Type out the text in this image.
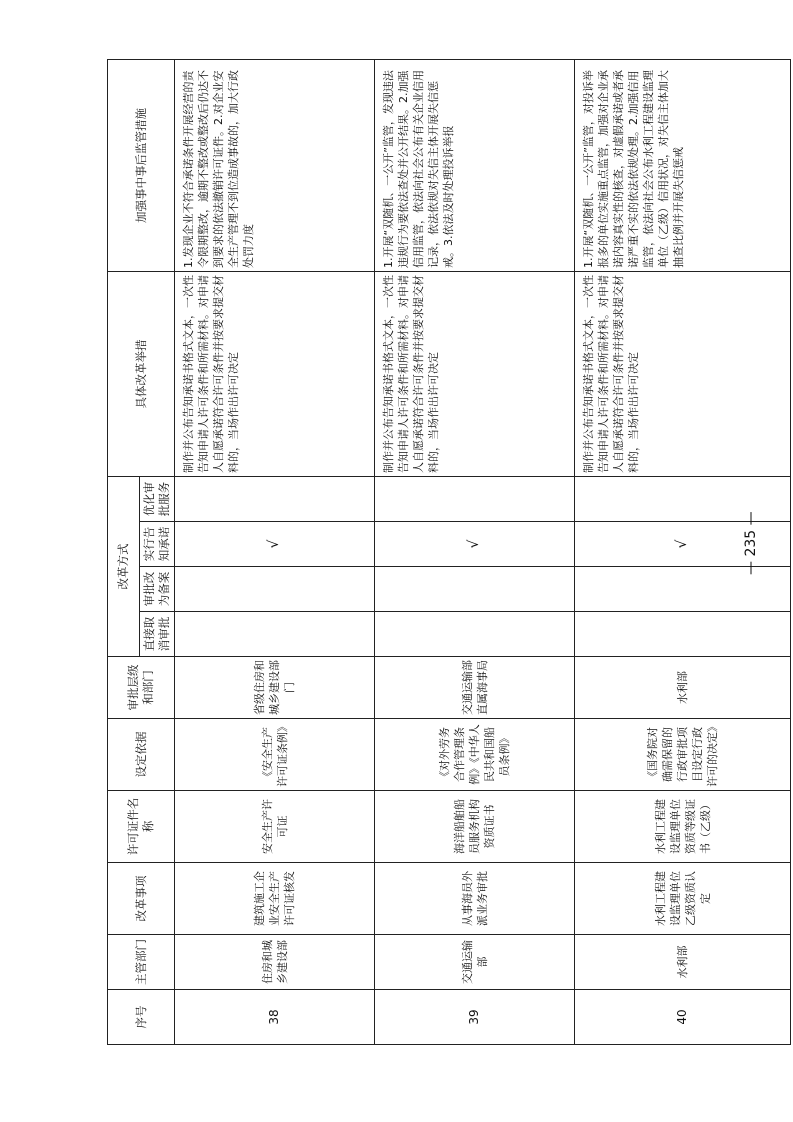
序号	主管部门	改革事项	许可证件名称	设定依据	审批层级和部门	改革方式				具体改革举措	加强事中事后监管措施
						直接取消审批	审批改为备案	实行告知承诺	优化审批服务		
38	住房和城乡建设部	建筑施工企业安全生产许可证核发	安全生产许可证	《安全生产许可证条例》	省级住房和城乡建设部门			√		制作并公布告知承诺书格式文本，一次性告知申请人许可条件和所需材料。对申请人自愿承诺符合许可条件并按要求提交材料的，当场作出许可决定	1.发现企业不符合承诺条件开展经营的责令限期整改，逾期不整改或整改后仍达不到要求的依法撤销许可证件。2.对企业安全生产管理不到位造成事故的，加大行政处罚力度
39	交通运输部	从事海员外派业务审批	海洋船舶船员服务机构资质证书	《对外劳务合作管理条例》《中华人民共和国船员条例》	交通运输部直属海事局			√		制作并公布告知承诺书格式文本，一次性告知申请人许可条件和所需材料。对申请人自愿承诺符合许可条件并按要求提交材料的，当场作出许可决定	1.开展“双随机、一公开”监管，发现违法违规行为要依法查处并公开结果。2.加强信用监管，依法向社会公布有关企业信用记录，依法依规对失信主体开展失信惩戒。3.依法及时处理投诉举报
40	水利部	水利工程建设监理单位乙级资质认定	水利工程建设监理单位资质等级证书（乙级）	《国务院对确需保留的行政审批项目设定行政许可的决定》	水利部			√		制作并公布告知承诺书格式文本，一次性告知申请人许可条件和所需材料。对申请人自愿承诺符合许可条件并按要求提交材料的，当场作出许可决定	1.开展“双随机、一公开”监管，对投诉举报多的单位实施重点监管，加强对企业承诺内容真实性的核查，对虚假承诺或者承诺严重不实的依法依规处理。2.加强信用监管，依法向社会公布水利工程建设监理单位（乙级）信用状况，对失信主体加大抽查比例并开展失信惩戒
— 235 —
